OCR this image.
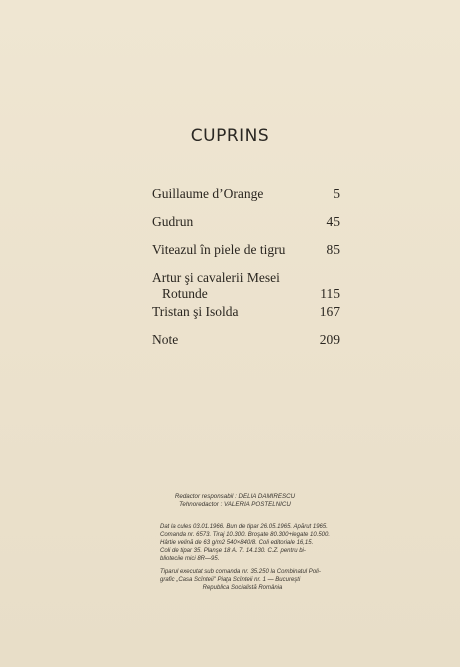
CUPRINS
Guillaume d’Orange	5
Gudrun	45
Viteazul în piele de tigru	85
Artur şi cavalerii Mesei
Rotunde	115
Tristan şi Isolda	167
Note	209
Redactor responsabil : DELIA DAMIRESCU
Tehnoredactor : VALERIA POSTELNICU
Dat la cules 03.01.1966. Bun de tipar 26.05.1965. Apărut 1965.
Comanda nr. 6573. Tiraj 10.300. Broşate 80.300+legate 10.500.
Hârtie velină de 63 g/m2 540×840/8. Coli editoriale 16,15.
Coli de tipar 35. Planşe 18 A. 7. 14.130. C.Z. pentru bi-
blioteciie mici 8R—95.
Tiparul executat sub comanda nr. 35.250 la Combinatul Poli-
grafic „Casa Scînteii" Piaţa Scînteii nr. 1 — Bucureşti
Republica Socialistă România
